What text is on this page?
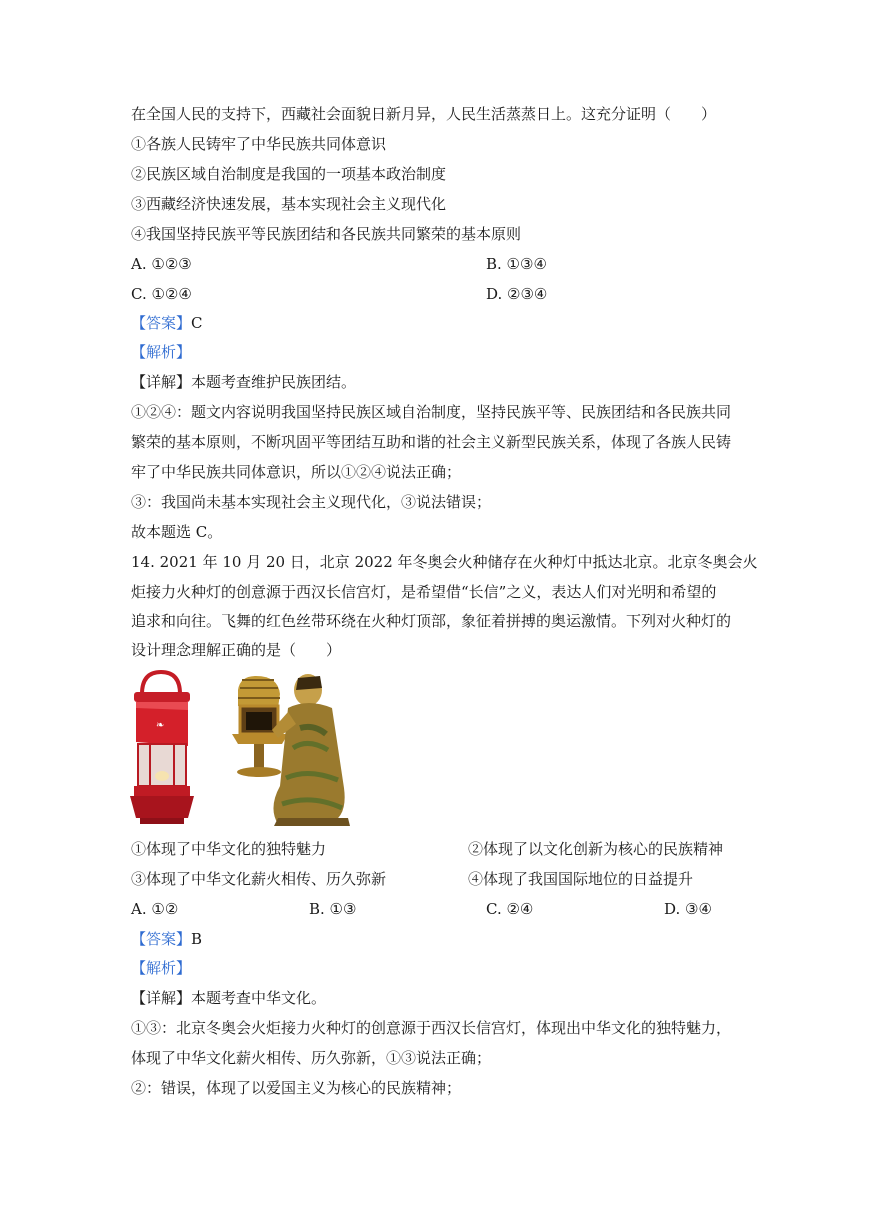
在全国人民的支持下，西藏社会面貌日新月异，人民生活蒸蒸日上。这充分证明（　　）
①各族人民铸牢了中华民族共同体意识
②民族区域自治制度是我国的一项基本政治制度
③西藏经济快速发展，基本实现社会主义现代化
④我国坚持民族平等民族团结和各民族共同繁荣的基本原则
A. ①②③	B. ①③④
C. ①②④	D. ②③④
【答案】C
【解析】
【详解】本题考查维护民族团结。
①②④：题文内容说明我国坚持民族区域自治制度，坚持民族平等、民族团结和各民族共同
繁荣的基本原则，不断巩固平等团结互助和谐的社会主义新型民族关系，体现了各族人民铸
牢了中华民族共同体意识，所以①②④说法正确；
③：我国尚未基本实现社会主义现代化，③说法错误；
故本题选 C。
14. 2021 年 10 月 20 日，北京 2022 年冬奥会火种储存在火种灯中抵达北京。北京冬奥会火
炬接力火种灯的创意源于西汉长信宫灯，是希望借“长信”之义，表达人们对光明和希望的
追求和向往。飞舞的红色丝带环绕在火种灯顶部，象征着拼搏的奥运激情。下列对火种灯的
设计理念理解正确的是（　　）
❧
①体现了中华文化的独特魅力	②体现了以文化创新为核心的民族精神
③体现了中华文化薪火相传、历久弥新	④体现了我国国际地位的日益提升
A. ①②	B. ①③	C. ②④	D. ③④
【答案】B
【解析】
【详解】本题考查中华文化。
①③：北京冬奥会火炬接力火种灯的创意源于西汉长信宫灯，体现出中华文化的独特魅力，
体现了中华文化薪火相传、历久弥新，①③说法正确；
②：错误，体现了以爱国主义为核心的民族精神；
